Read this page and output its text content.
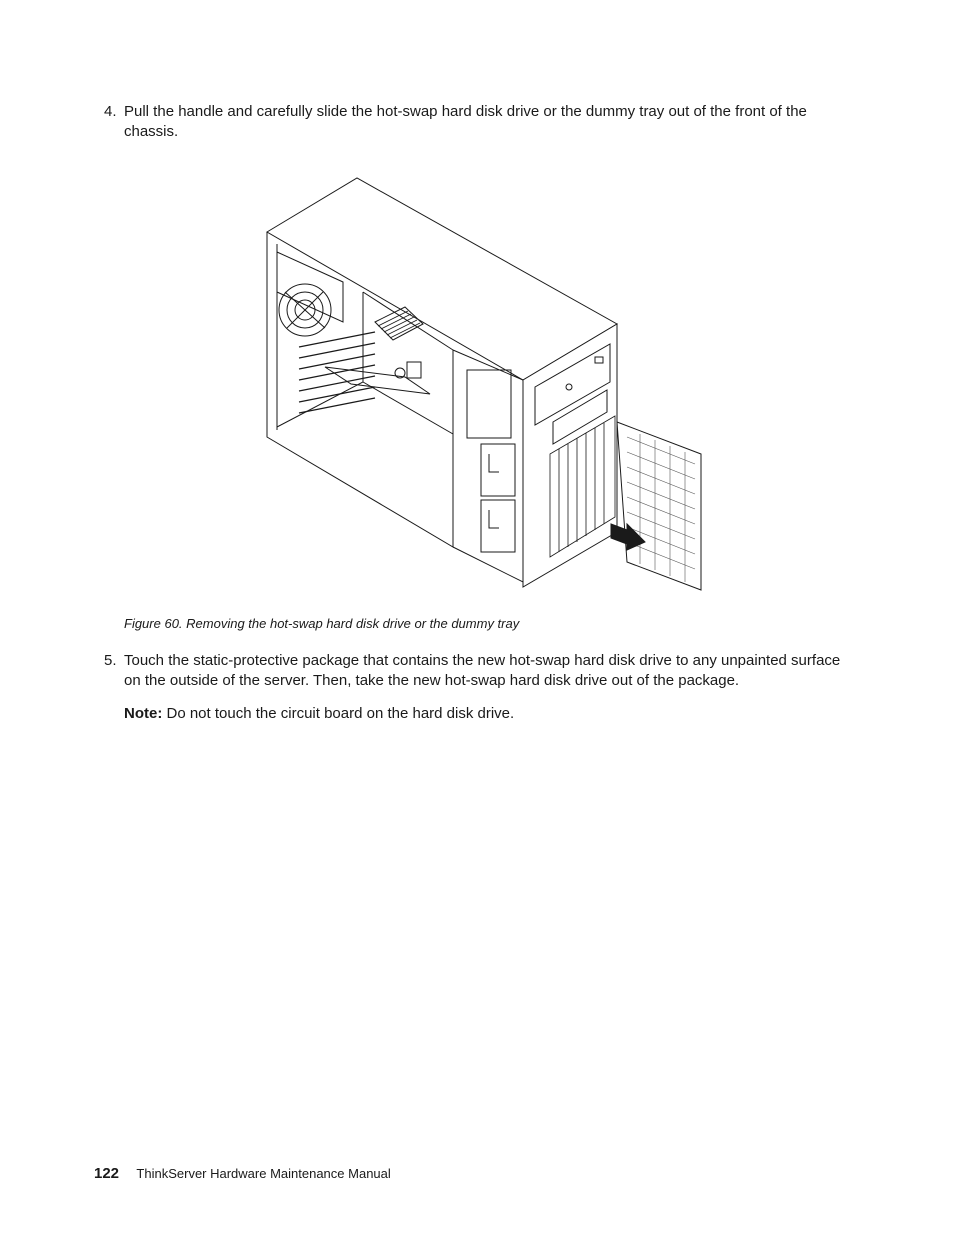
4. Pull the handle and carefully slide the hot-swap hard disk drive or the dummy tray out of the front of the chassis.
Figure 60. Removing the hot-swap hard disk drive or the dummy tray
5. Touch the static-protective package that contains the new hot-swap hard disk drive to any unpainted surface on the outside of the server. Then, take the new hot-swap hard disk drive out of the package.
Note: Do not touch the circuit board on the hard disk drive.
122 ThinkServer Hardware Maintenance Manual
